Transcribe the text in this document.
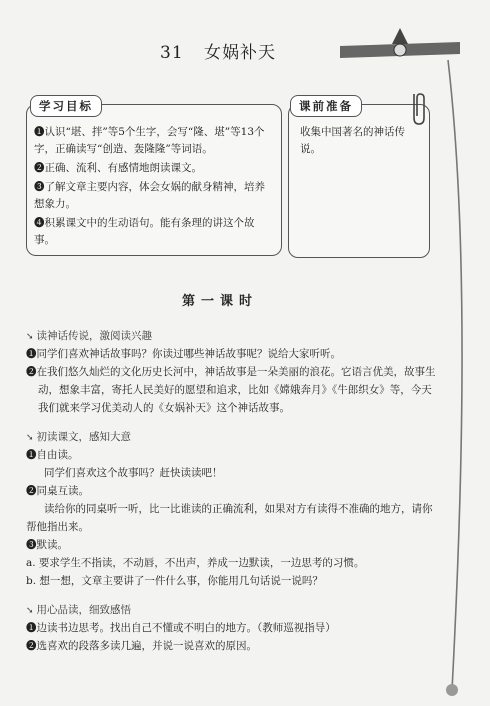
31 女娲补天
学习目标

❶认识“堪、拌”等5个生字，会写“隆、堪”等13个字，正确读写“创造、轰隆隆”等词语。

❷正确、流利、有感情地朗读课文。

❸了解文章主要内容，体会女娲的献身精神，培养想象力。

❹积累课文中的生动语句。能有条理的讲这个故事。

课前准备
收集中国著名的神话传说。
第一课时
➘ 读神话传说，激阅读兴趣

❶同学们喜欢神话故事吗？你读过哪些神话故事呢？说给大家听听。

❷在我们悠久灿烂的文化历史长河中，神话故事是一朵美丽的浪花。它语言优美，故事生动，想象丰富，寄托人民美好的愿望和追求，比如《嫦娥奔月》《牛郎织女》等，今天我们就来学习优美动人的《女娲补天》这个神话故事。

➘ 初读课文，感知大意

❶自由读。

同学们喜欢这个故事吗？赶快读读吧！

❷同桌互读。

读给你的同桌听一听，比一比谁读的正确流利，如果对方有读得不准确的地方，请你帮他指出来。

❸默读。

a. 要求学生不指读，不动唇，不出声，养成一边默读，一边思考的习惯。

b. 想一想，文章主要讲了一件什么事，你能用几句话说一说吗？

➘ 用心品读，细致感悟

❶边读书边思考。找出自己不懂或不明白的地方。（教师巡视指导）

❷选喜欢的段落多读几遍，并说一说喜欢的原因。
